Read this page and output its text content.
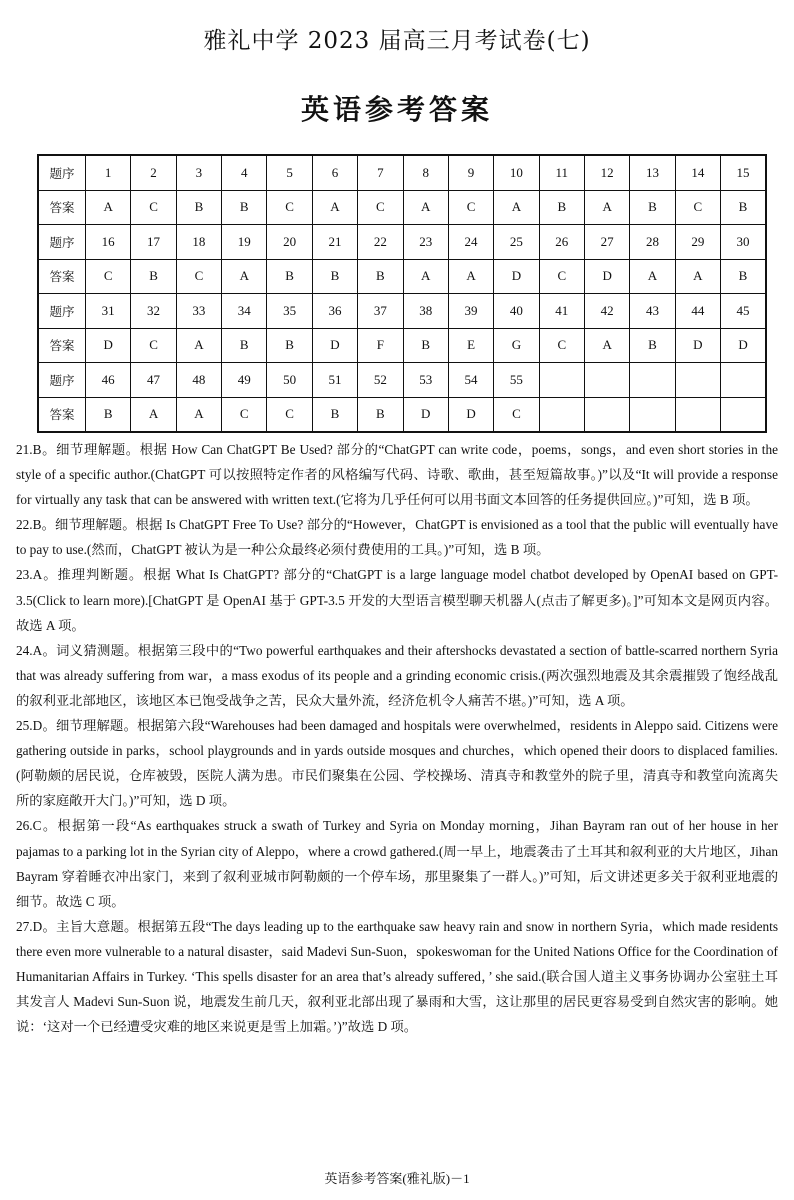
雅礼中学 2023 届高三月考试卷(七)
英语参考答案
题序	1	2	3	4	5	6	7	8	9	10	11	12	13	14	15
答案	A	C	B	B	C	A	C	A	C	A	B	A	B	C	B
题序	16	17	18	19	20	21	22	23	24	25	26	27	28	29	30
答案	C	B	C	A	B	B	B	A	A	D	C	D	A	A	B
题序	31	32	33	34	35	36	37	38	39	40	41	42	43	44	45
答案	D	C	A	B	B	D	F	B	E	G	C	A	B	D	D
题序	46	47	48	49	50	51	52	53	54	55					
答案	B	A	A	C	C	B	B	D	D	C					

21.B。细节理解题。根据 How Can ChatGPT Be Used? 部分的“ChatGPT can write code，poems，songs，and even short stories in the style of a specific author.(ChatGPT 可以按照特定作者的风格编写代码、诗歌、歌曲，甚至短篇故事。)”以及“It will provide a response for virtually any task that can be answered with written text.(它将为几乎任何可以用书面文本回答的任务提供回应。)”可知，选 B 项。

22.B。细节理解题。根据 Is ChatGPT Free To Use? 部分的“However，ChatGPT is envisioned as a tool that the public will eventually have to pay to use.(然而，ChatGPT 被认为是一种公众最终必须付费使用的工具。)”可知，选 B 项。

23.A。推理判断题。根据 What Is ChatGPT? 部分的“ChatGPT is a large language model chatbot developed by OpenAI based on GPT-3.5(Click to learn more).[ChatGPT 是 OpenAI 基于 GPT-3.5 开发的大型语言模型聊天机器人(点击了解更多)。]”可知本文是网页内容。故选 A 项。

24.A。词义猜测题。根据第三段中的“Two powerful earthquakes and their aftershocks devastated a section of battle-scarred northern Syria that was already suffering from war，a mass exodus of its people and a grinding economic crisis.(两次强烈地震及其余震摧毁了饱经战乱的叙利亚北部地区，该地区本已饱受战争之苦，民众大量外流，经济危机令人痛苦不堪。)”可知，选 A 项。

25.D。细节理解题。根据第六段“Warehouses had been damaged and hospitals were overwhelmed，residents in Aleppo said. Citizens were gathering outside in parks，school playgrounds and in yards outside mosques and churches，which opened their doors to displaced families.(阿勒颇的居民说，仓库被毁，医院人满为患。市民们聚集在公园、学校操场、清真寺和教堂外的院子里，清真寺和教堂向流离失所的家庭敞开大门。)”可知，选 D 项。

26.C。根据第一段“As earthquakes struck a swath of Turkey and Syria on Monday morning，Jihan Bayram ran out of her house in her pajamas to a parking lot in the Syrian city of Aleppo，where a crowd gathered.(周一早上，地震袭击了土耳其和叙利亚的大片地区，Jihan Bayram 穿着睡衣冲出家门，来到了叙利亚城市阿勒颇的一个停车场，那里聚集了一群人。)”可知，后文讲述更多关于叙利亚地震的细节。故选 C 项。

27.D。主旨大意题。根据第五段“The days leading up to the earthquake saw heavy rain and snow in northern Syria，which made residents there even more vulnerable to a natural disaster，said Madevi Sun-Suon，spokeswoman for the United Nations Office for the Coordination of Humanitarian Affairs in Turkey. ‘This spells disaster for an area that’s already suffered，’ she said.(联合国人道主义事务协调办公室驻土耳其发言人 Madevi Sun-Suon 说，地震发生前几天，叙利亚北部出现了暴雨和大雪，这让那里的居民更容易受到自然灾害的影响。她说：‘这对一个已经遭受灾难的地区来说更是雪上加霜。’)”故选 D 项。

英语参考答案(雅礼版)－1
